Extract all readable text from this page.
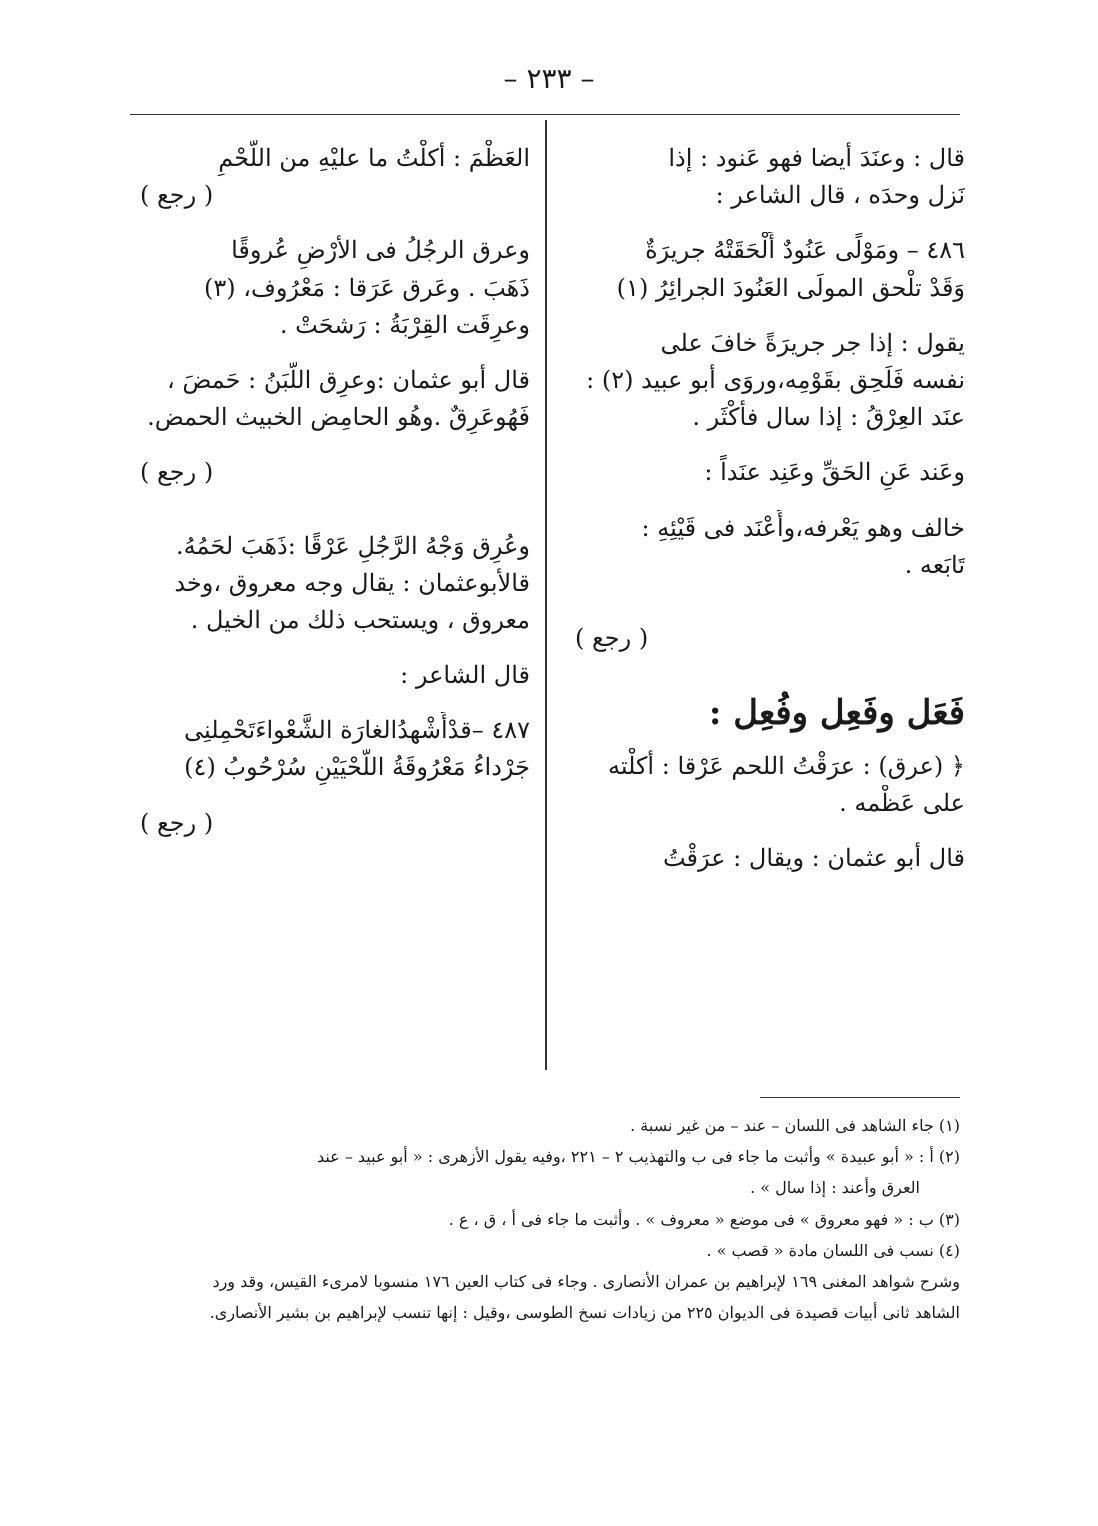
– ٢٣٣ –
قال : وعنَدَ أيضا فهو عَنود : إذا
نَزل وحدَه ، قال الشاعر :
٤٨٦ – ومَوْلًى عَنُودٌ أَلْحَقَتْهُ جريرَةٌ
وَقَدْ تلْحق المولَى العَنُودَ الجرائِرُ (١)
يقول : إذا جر جريرَةً خافَ على
نفسه فَلَحِق بقَوْمِه،وروَى أبو عبيد (٢) :
عنَد العِرْقُ : إذا سال فأكْثَر .
وعَند عَنِ الحَقِّ وعَنِد عنَداً :
خالف وهو يَعْرفه،وأَعْنَد فى قَيْئِهِ :
تَابَعه .
( رجع )
فَعَل وفَعِل وفُعِل :
﴿ (عرق) : عرَقْتُ اللحم عَرْقا : أكلْته
على عَظْمه .
قال أبو عثمان : ويقال : عرَقْتُ
العَظْمَ : أكلْتُ ما عليْهِ من اللَّحْمِ
( رجع )
وعرق الرجُلُ فى الأرْضِ عُروقًا
ذَهَبَ . وعَرق عَرَقا : مَعْرُوف، (٣)
وعرِقَت القِرْبَةُ : رَشحَتْ .
قال أبو عثمان :وعرِق اللَّبَنُ : حَمضَ ،
فَهُوعَرِقٌ .وهُو الحامِض الخبيث الحمض.
( رجع )
وعُرِق وَجْهُ الرَّجُلِ عَرْقًا :ذَهَبَ لحَمُهُ.
قالأبوعثمان : يقال وجه معروق ،وخد
معروق ، ويستحب ذلك من الخيل .
قال الشاعر :
٤٨٧ –قدْأَشْهدُالغارَة الشَّعْواءَتَحْمِلنِى
جَرْداءُ مَعْرُوقَةُ اللَّحْيَيْنِ سُرْحُوبُ (٤)
( رجع )
(١) جاء الشاهد فى اللسان – عند – من غير نسبة .
(٢) أ : « أبو عبيدة » وأثبت ما جاء فى ب والتهذيب ٢ – ٢٢١ ،وفيه يقول الأزهرى : « أبو عبيد – عند
العرق وأعند : إذا سال » .
(٣) ب : « فهو معروق » فى موضع « معروف » . وأثبت ما جاء فى أ ، ق ، ع .
(٤) نسب فى اللسان مادة « قصب » .
وشرح شواهد المغنى ١٦٩ لإبراهيم بن عمران الأنصارى . وجاء فى كتاب العين ١٧٦ منسوبا لامرىء القيس، وقد ورد
الشاهد ثانى أبيات قصيدة فى الديوان ٢٢٥ من زيادات نسخ الطوسى ،وقيل : إنها تنسب لإبراهيم بن بشير الأنصارى.
